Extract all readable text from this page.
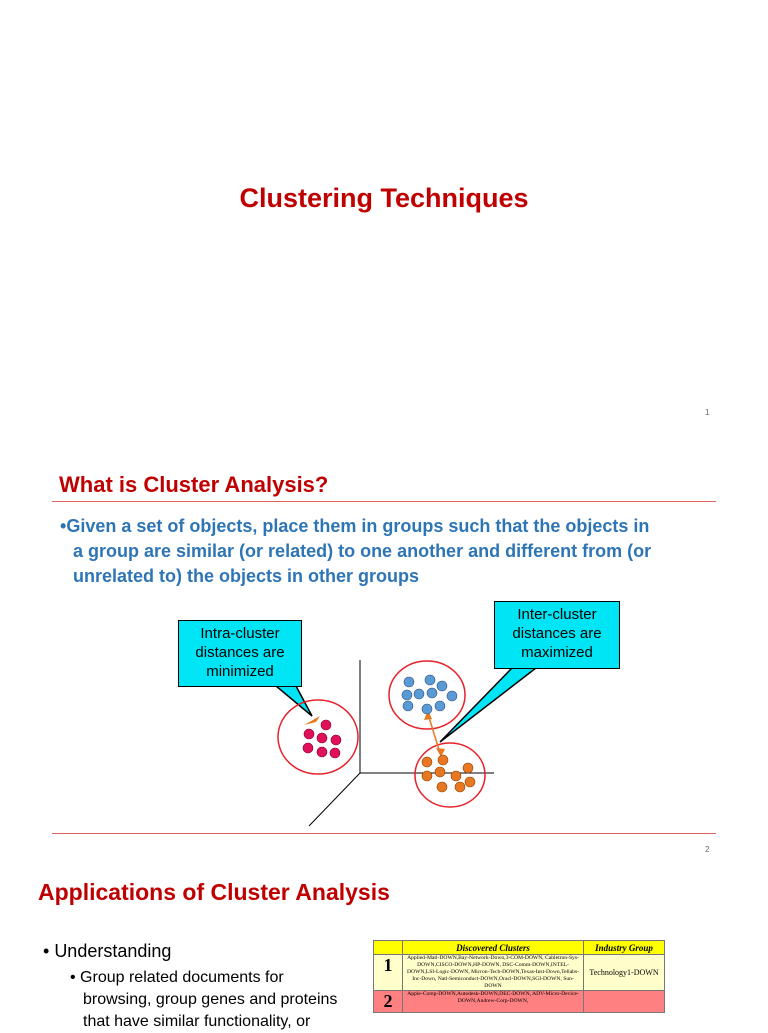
Clustering Techniques
1
What is Cluster Analysis?
•Given a set of objects, place them in groups such that the objects in
a group are similar (or related) to one another and different from (or
unrelated to) the objects in other groups
Intra-cluster
distances are
minimized
Inter-cluster
distances are
maximized
2
Applications of Cluster Analysis
• Understanding
• Group related documents for
browsing, group genes and proteins
that have similar functionality, or
	Discovered Clusters	Industry Group
1	Applied-Matl-DOWN,Bay-Network-Down,3-COM-DOWN, Cabletron-Sys-DOWN,CISCO-DOWN,HP-DOWN, DSC-Comm-DOWN,INTEL-DOWN,LSI-Logic-DOWN, Micron-Tech-DOWN,Texas-Inst-Down,Tellabs-Inc-Down, Natl-Semiconduct-DOWN,Oracl-DOWN,SGI-DOWN, Sun-DOWN	Technology1-DOWN
2	Apple-Comp-DOWN,Autodesk-DOWN,DEC-DOWN, ADV-Micro-Device-DOWN,Andrew-Corp-DOWN,	
